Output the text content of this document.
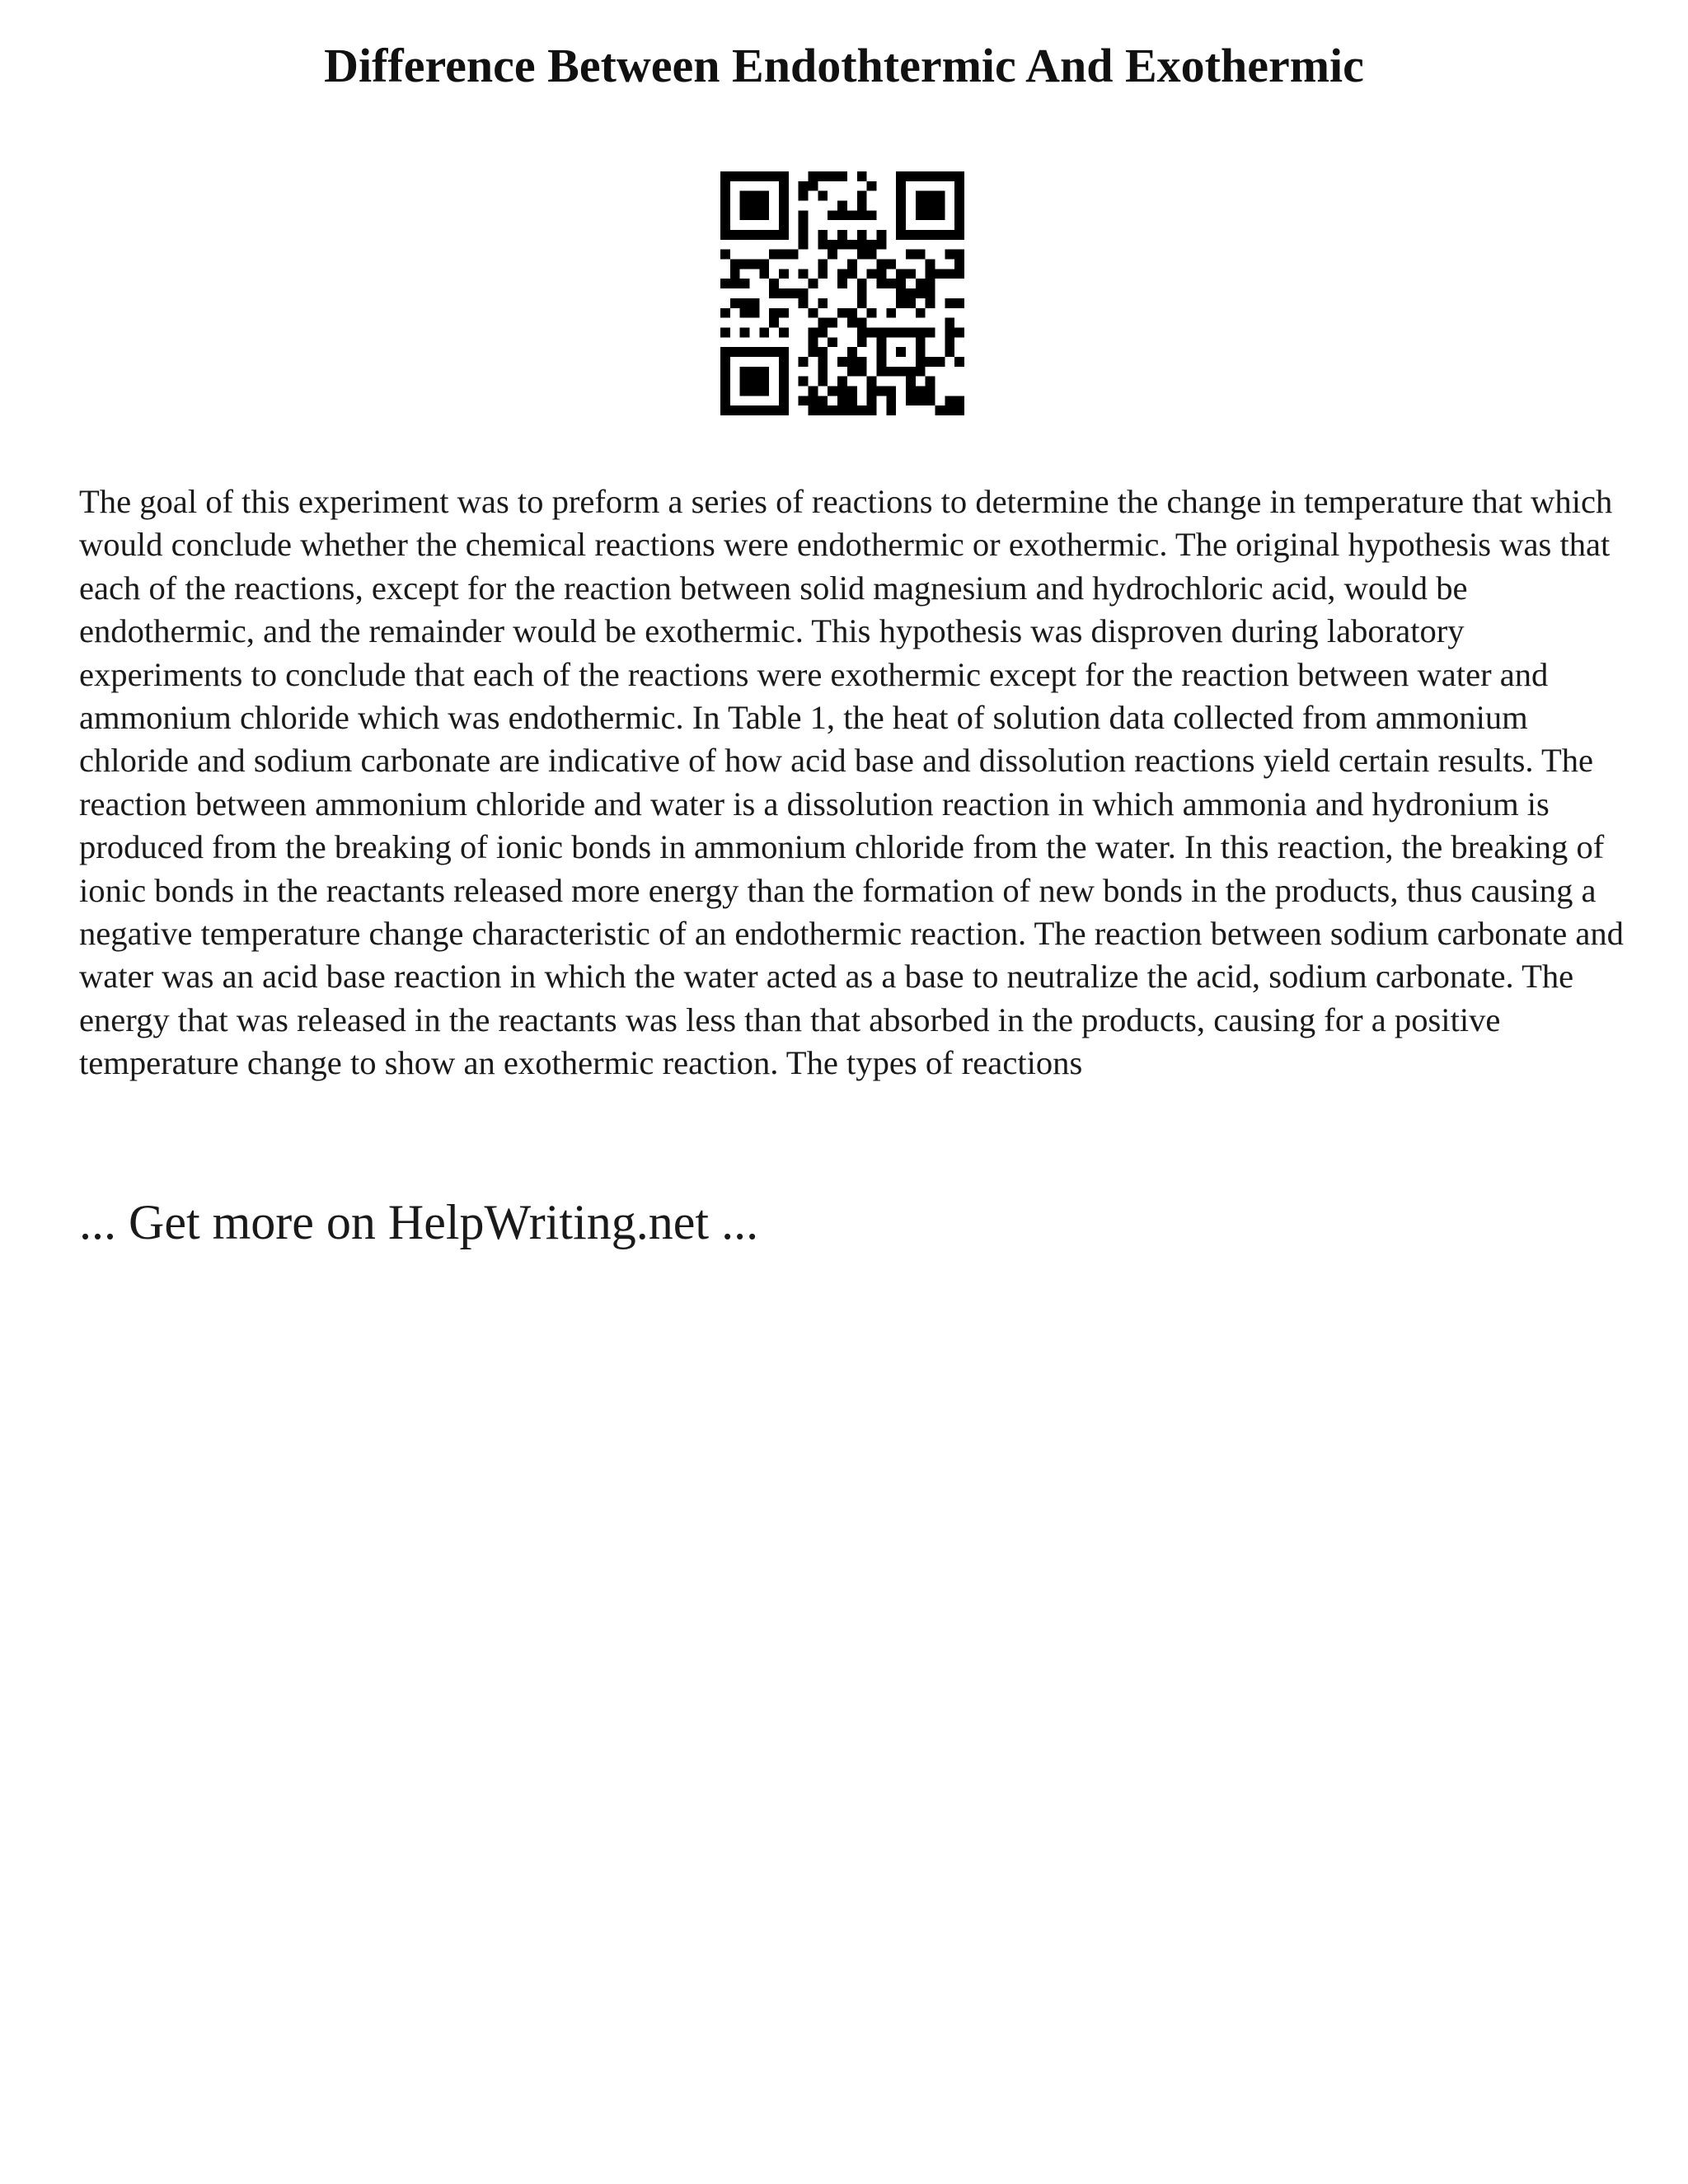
Difference Between Endothtermic And Exothermic

The goal of this experiment was to preform a series of reactions to determine the change in temperature that which would conclude whether the chemical reactions were endothermic or exothermic. The original hypothesis was that each of the reactions, except for the reaction between solid magnesium and hydrochloric acid, would be endothermic, and the remainder would be exothermic. This hypothesis was disproven during laboratory experiments to conclude that each of the reactions were exothermic except for the reaction between water and ammonium chloride which was endothermic. In Table 1, the heat of solution data collected from ammonium chloride and sodium carbonate are indicative of how acid base and dissolution reactions yield certain results. The reaction between ammonium chloride and water is a dissolution reaction in which ammonia and hydronium is produced from the breaking of ionic bonds in ammonium chloride from the water. In this reaction, the breaking of ionic bonds in the reactants released more energy than the formation of new bonds in the products, thus causing a negative temperature change characteristic of an endothermic reaction. The reaction between sodium carbonate and water was an acid base reaction in which the water acted as a base to neutralize the acid, sodium carbonate. The energy that was released in the reactants was less than that absorbed in the products, causing for a positive temperature change to show an exothermic reaction. The types of reactions

... Get more on HelpWriting.net ...
